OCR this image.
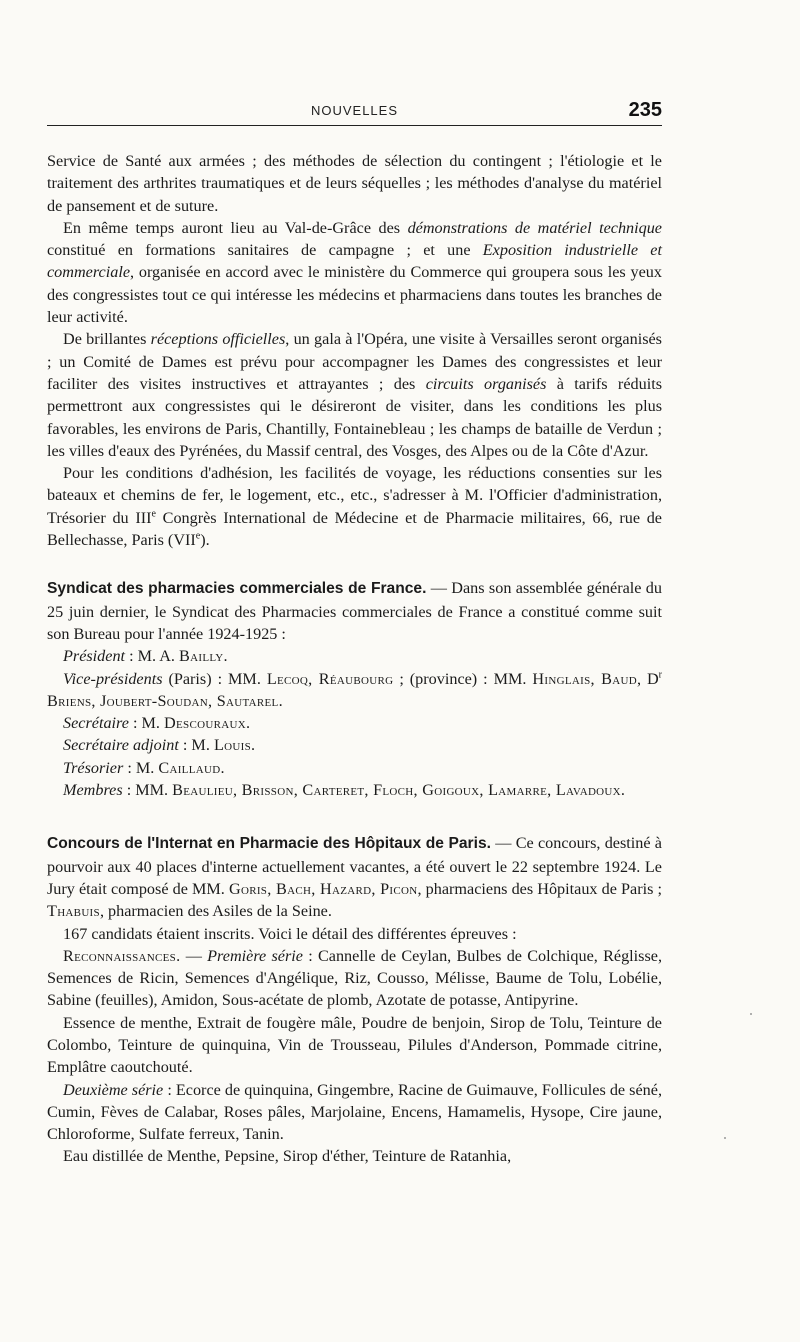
NOUVELLES	235

Service de Santé aux armées ; des méthodes de sélection du contingent ; l'étiologie et le traitement des arthrites traumatiques et de leurs séquelles ; les méthodes d'analyse du matériel de pansement et de suture.

En même temps auront lieu au Val-de-Grâce des démonstrations de matériel technique constitué en formations sanitaires de campagne ; et une Exposition industrielle et commerciale, organisée en accord avec le ministère du Commerce qui groupera sous les yeux des congressistes tout ce qui intéresse les médecins et pharmaciens dans toutes les branches de leur activité.

De brillantes réceptions officielles, un gala à l'Opéra, une visite à Versailles seront organisés ; un Comité de Dames est prévu pour accompagner les Dames des congressistes et leur faciliter des visites instructives et attrayantes ; des circuits organisés à tarifs réduits permettront aux congressistes qui le désireront de visiter, dans les conditions les plus favorables, les environs de Paris, Chantilly, Fontainebleau ; les champs de bataille de Verdun ; les villes d'eaux des Pyrénées, du Massif central, des Vosges, des Alpes ou de la Côte d'Azur.

Pour les conditions d'adhésion, les facilités de voyage, les réductions consenties sur les bateaux et chemins de fer, le logement, etc., etc., s'adresser à M. l'Officier d'administration, Trésorier du IIIe Congrès International de Médecine et de Pharmacie militaires, 66, rue de Bellechasse, Paris (VIIe).

Syndicat des pharmacies commerciales de France. — Dans son assemblée générale du 25 juin dernier, le Syndicat des Pharmacies commerciales de France a constitué comme suit son Bureau pour l'année 1924-1925 :

Président : M. A. Bailly.

Vice-présidents (Paris) : MM. Lecoq, Réaubourg ; (province) : MM. Hinglais, Baud, $D^r$ Briens, Joubert-Soudan, Sautarel.

Secrétaire : M. Descouraux.

Secrétaire adjoint : M. Louis.

Trésorier : M. Caillaud.

Membres : MM. Beaulieu, Brisson, Carteret, Floch, Goigoux, Lamarre, Lavadoux.

Concours de l'Internat en Pharmacie des Hôpitaux de Paris. — Ce concours, destiné à pourvoir aux 40 places d'interne actuellement vacantes, a été ouvert le 22 septembre 1924. Le Jury était composé de MM. Goris, Bach, Hazard, Picon, pharmaciens des Hôpitaux de Paris ; Thabuis, pharmacien des Asiles de la Seine.

167 candidats étaient inscrits. Voici le détail des différentes épreuves :

Reconnaissances. — Première série : Cannelle de Ceylan, Bulbes de Colchique, Réglisse, Semences de Ricin, Semences d'Angélique, Riz, Cousso, Mélisse, Baume de Tolu, Lobélie, Sabine (feuilles), Amidon, Sous-acétate de plomb, Azotate de potasse, Antipyrine.

Essence de menthe, Extrait de fougère mâle, Poudre de benjoin, Sirop de Tolu, Teinture de Colombo, Teinture de quinquina, Vin de Trousseau, Pilules d'Anderson, Pommade citrine, Emplâtre caoutchouté.

Deuxième série : Ecorce de quinquina, Gingembre, Racine de Guimauve, Follicules de séné, Cumin, Fèves de Calabar, Roses pâles, Marjolaine, Encens, Hamamelis, Hysope, Cire jaune, Chloroforme, Sulfate ferreux, Tanin.

Eau distillée de Menthe, Pepsine, Sirop d'éther, Teinture de Ratanhia,
